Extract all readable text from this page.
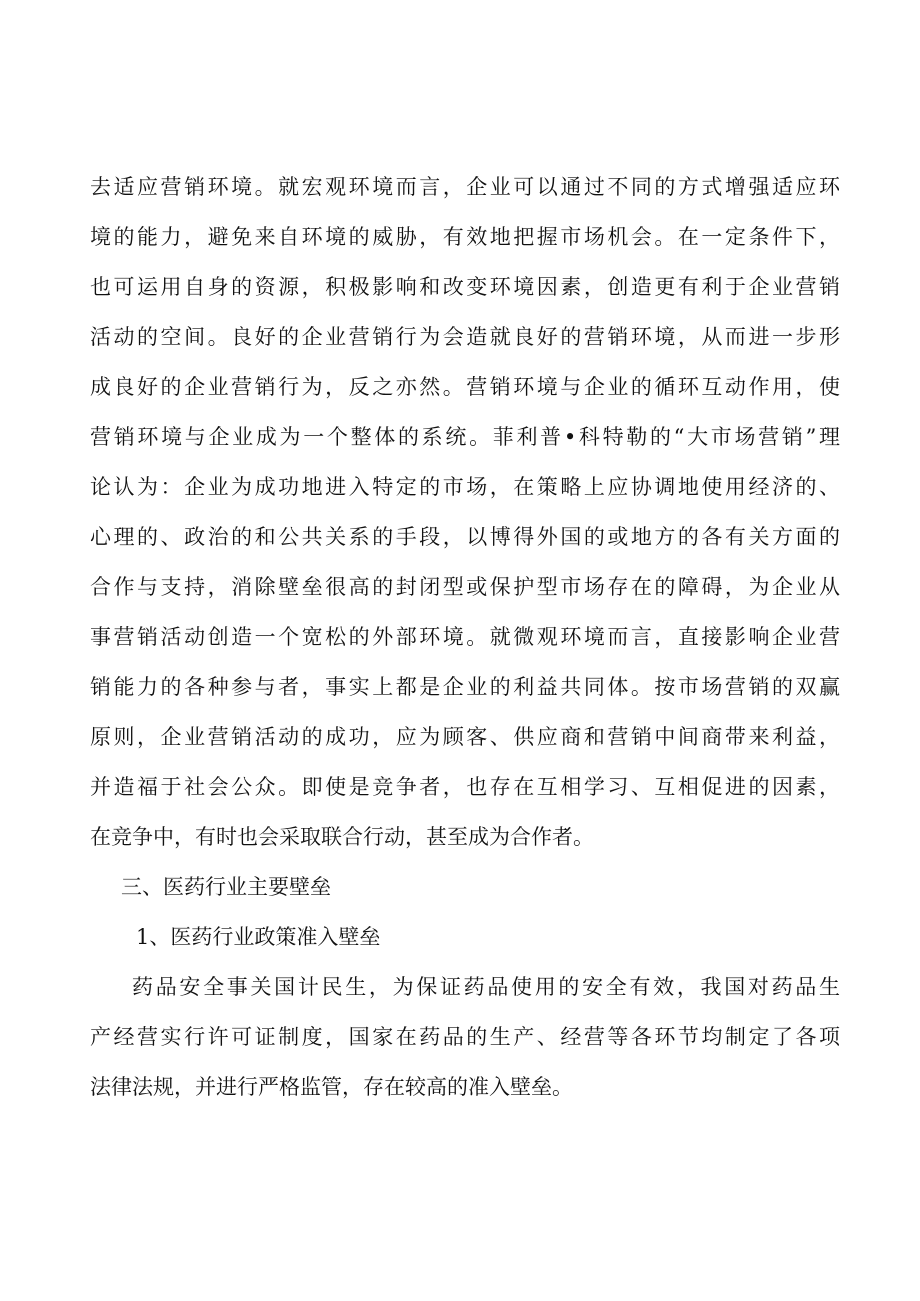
去适应营销环境。就宏观环境而言，企业可以通过不同的方式增强适应环
境的能力，避免来自环境的威胁，有效地把握市场机会。在一定条件下，
也可运用自身的资源，积极影响和改变环境因素，创造更有利于企业营销
活动的空间。良好的企业营销行为会造就良好的营销环境，从而进一步形
成良好的企业营销行为，反之亦然。营销环境与企业的循环互动作用，使
营销环境与企业成为一个整体的系统。菲利普•科特勒的“大市场营销”理
论认为：企业为成功地进入特定的市场，在策略上应协调地使用经济的、
心理的、政治的和公共关系的手段，以博得外国的或地方的各有关方面的
合作与支持，消除壁垒很高的封闭型或保护型市场存在的障碍，为企业从
事营销活动创造一个宽松的外部环境。就微观环境而言，直接影响企业营
销能力的各种参与者，事实上都是企业的利益共同体。按市场营销的双赢
原则，企业营销活动的成功，应为顾客、供应商和营销中间商带来利益，
并造福于社会公众。即使是竞争者，也存在互相学习、互相促进的因素，
在竞争中，有时也会采取联合行动，甚至成为合作者。
三、医药行业主要壁垒
1、医药行业政策准入壁垒
药品安全事关国计民生，为保证药品使用的安全有效，我国对药品生
产经营实行许可证制度，国家在药品的生产、经营等各环节均制定了各项
法律法规，并进行严格监管，存在较高的准入壁垒。
